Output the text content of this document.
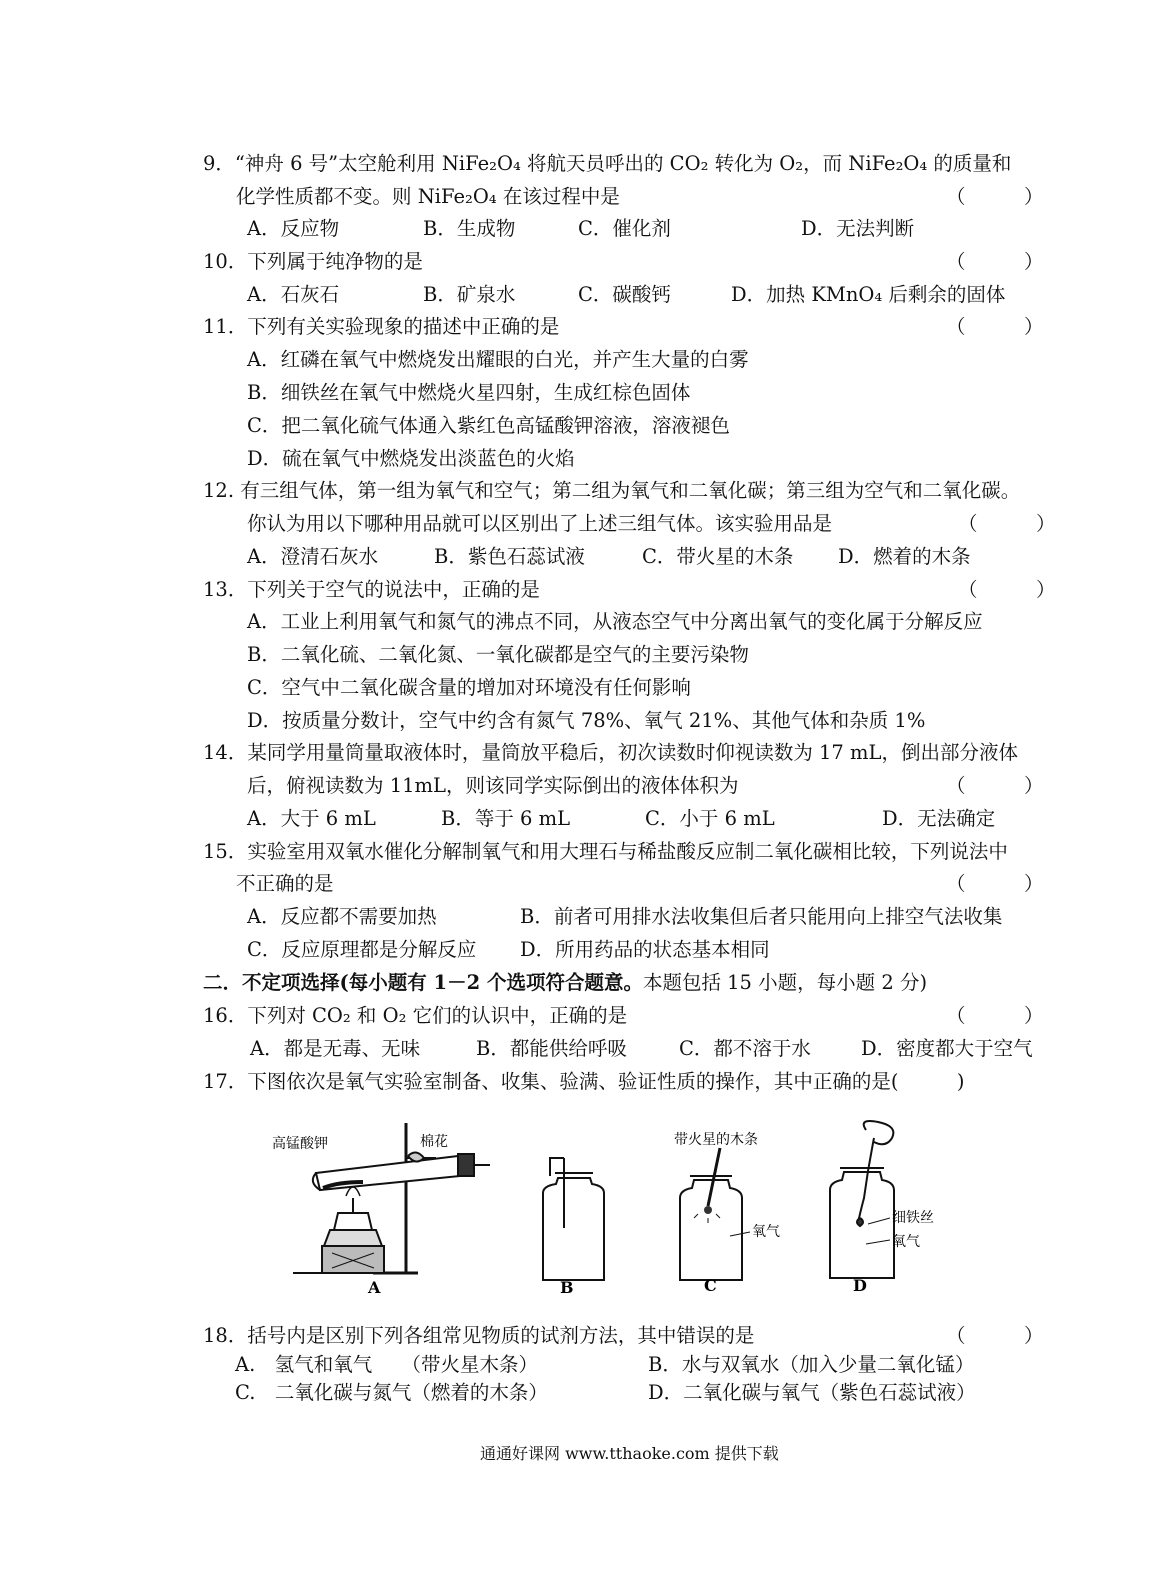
9．“神舟 6 号”太空舱利用 NiFe₂O₄ 将航天员呼出的 CO₂ 转化为 O₂，而 NiFe₂O₄ 的质量和
化学性质都不变。则 NiFe₂O₄ 在该过程中是	（　　　）
A．反应物	B．生成物	C．催化剂	D．无法判断
10．下列属于纯净物的是	（　　　）
A．石灰石	B．矿泉水	C．碳酸钙	D．加热 KMnO₄ 后剩余的固体
11．下列有关实验现象的描述中正确的是	（　　　）
A．红磷在氧气中燃烧发出耀眼的白光，并产生大量的白雾
B．细铁丝在氧气中燃烧火星四射，生成红棕色固体
C．把二氧化硫气体通入紫红色高锰酸钾溶液，溶液褪色
D．硫在氧气中燃烧发出淡蓝色的火焰
12. 有三组气体，第一组为氧气和空气；第二组为氧气和二氧化碳；第三组为空气和二氧化碳。
你认为用以下哪种用品就可以区别出了上述三组气体。该实验用品是	（　　　）
A．澄清石灰水	B．紫色石蕊试液	C．带火星的木条 D．燃着的木条
13．下列关于空气的说法中，正确的是	（　　　）
A．工业上利用氧气和氮气的沸点不同，从液态空气中分离出氧气的变化属于分解反应
B．二氧化硫、二氧化氮、一氧化碳都是空气的主要污染物
C．空气中二氧化碳含量的增加对环境没有任何影响
D．按质量分数计，空气中约含有氮气 78%、氧气 21%、其他气体和杂质 1%
14．某同学用量筒量取液体时，量筒放平稳后，初次读数时仰视读数为 17 mL，倒出部分液体
后，俯视读数为 11mL，则该同学实际倒出的液体体积为	（　　　）
A．大于 6 mL	B．等于 6 mL	C．小于 6 mL	D．无法确定
15．实验室用双氧水催化分解制氧气和用大理石与稀盐酸反应制二氧化碳相比较，下列说法中
不正确的是	（　　　）
A．反应都不需要加热	B．前者可用排水法收集但后者只能用向上排空气法收集
C．反应原理都是分解反应 D．所用药品的状态基本相同
二．不定项选择(每小题有 1－2 个选项符合题意。本题包括 15 小题，每小题 2 分)
16．下列对 CO₂ 和 O₂ 它们的认识中，正确的是	（　　　）
A．都是无毒、无味	B．都能供给呼吸	C．都不溶于水	D．密度都大于空气
17．下图依次是氧气实验室制备、收集、验满、验证性质的操作，其中正确的是(　　　)
高锰酸钾	棉花	带火星的木条
氧气
细铁丝
氧气
A	B	C	D
18．括号内是区别下列各组常见物质的试剂方法，其中错误的是	（　　　）
A.　氢气和氧气　　（带火星木条）	B．水与双氧水（加入少量二氧化锰）
C.　二氧化碳与氮气（燃着的木条）	D．二氧化碳与氧气（紫色石蕊试液）
通通好课网 www.tthaoke.com 提供下载
